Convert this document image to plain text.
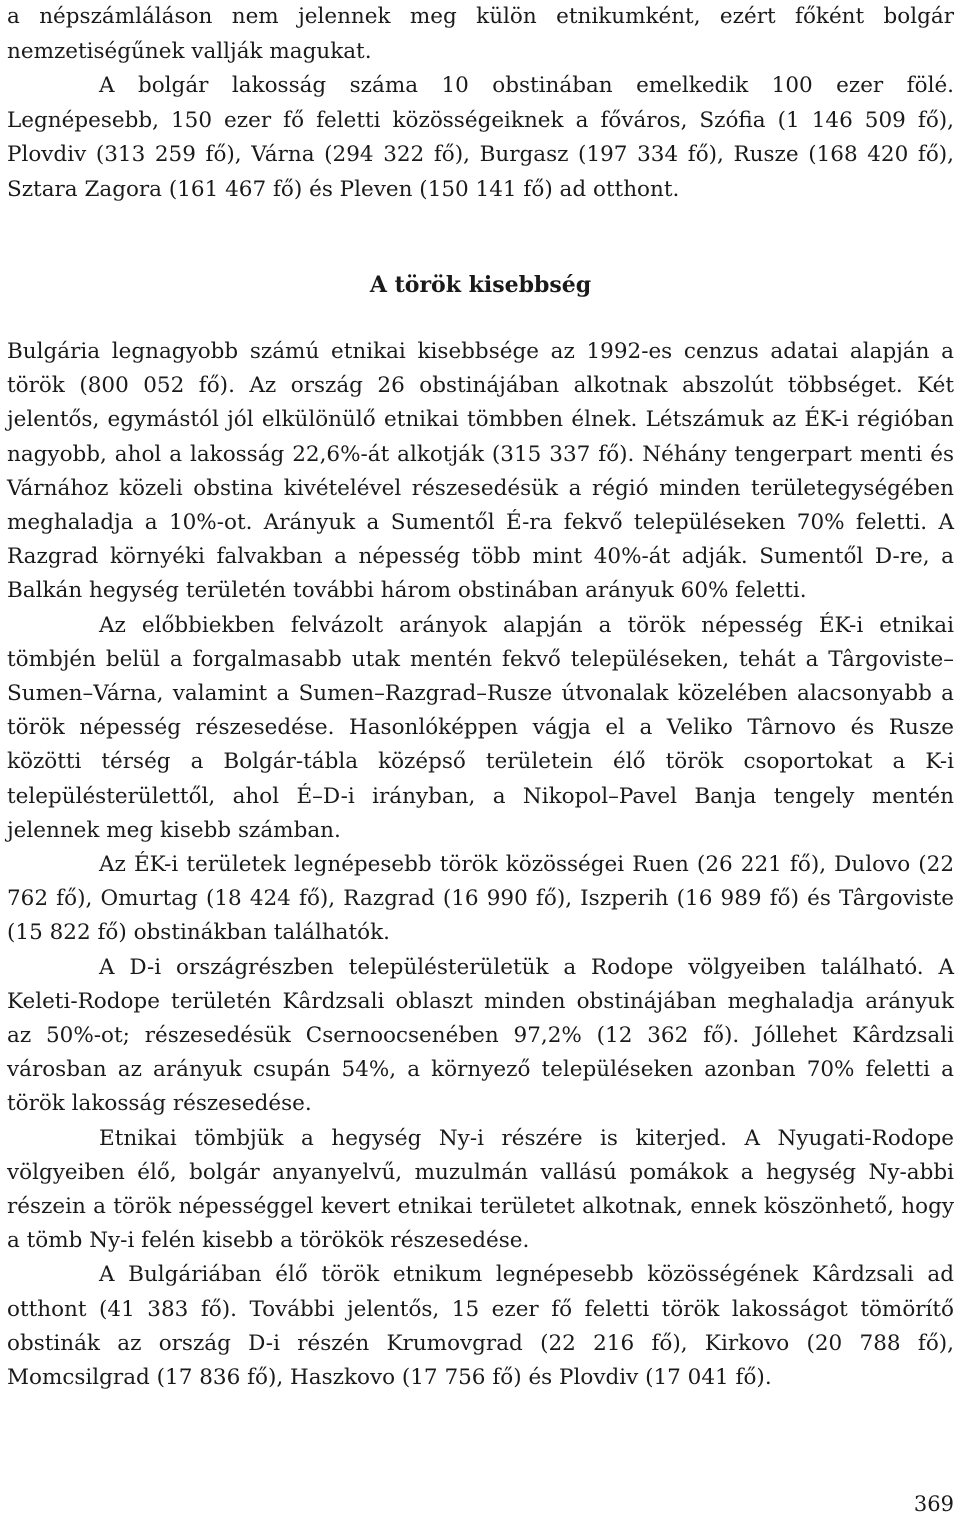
a népszámláláson nem jelennek meg külön etnikumként, ezért főként bolgár nemzetiségűnek vallják magukat.

A bolgár lakosság száma 10 obstinában emelkedik 100 ezer fölé. Legnépesebb, 150 ezer fő feletti közösségeiknek a főváros, Szófia (1 146 509 fő), Plovdiv (313 259 fő), Várna (294 322 fő), Burgasz (197 334 fő), Rusze (168 420 fő), Sztara Zagora (161 467 fő) és Pleven (150 141 fő) ad otthont.

A török kisebbség

Bulgária legnagyobb számú etnikai kisebbsége az 1992-es cenzus adatai alapján a török (800 052 fő). Az ország 26 obstinájában alkotnak abszolút többséget. Két jelentős, egymástól jól elkülönülő etnikai tömbben élnek. Létszámuk az ÉK-i régióban nagyobb, ahol a lakosság 22,6%-át alkotják (315 337 fő). Néhány tengerpart menti és Várnához közeli obstina kivételével részesedésük a régió minden területegységében meghaladja a 10%-ot. Arányuk a Sumentől É-ra fekvő településeken 70% feletti. A Razgrad környéki falvakban a népesség több mint 40%-át adják. Sumentől D-re, a Balkán hegység területén további három obstinában arányuk 60% feletti.

Az előbbiekben felvázolt arányok alapján a török népesség ÉK-i etnikai tömbjén belül a forgalmasabb utak mentén fekvő településeken, tehát a Târgoviste–Sumen–Várna, valamint a Sumen–Razgrad–Rusze útvonalak közelében alacsonyabb a török népesség részesedése. Hasonlóképpen vágja el a Veliko Târnovo és Rusze közötti térség a Bolgár-tábla középső területein élő török csoportokat a K-i településterülettől, ahol É–D-i irányban, a Nikopol–Pavel Banja tengely mentén jelennek meg kisebb számban.

Az ÉK-i területek legnépesebb török közösségei Ruen (26 221 fő), Dulovo (22 762 fő), Omurtag (18 424 fő), Razgrad (16 990 fő), Iszperih (16 989 fő) és Târgoviste (15 822 fő) obstinákban találhatók.

A D-i országrészben településterületük a Rodope völgyeiben található. A Keleti-Rodope területén Kârdzsali oblaszt minden obstinájában meghaladja arányuk az 50%-ot; részesedésük Csernoocsenében 97,2% (12 362 fő). Jóllehet Kârdzsali városban az arányuk csupán 54%, a környező településeken azonban 70% feletti a török lakosság részesedése.

Etnikai tömbjük a hegység Ny-i részére is kiterjed. A Nyugati-Rodope völgyeiben élő, bolgár anyanyelvű, muzulmán vallású pomákok a hegység Ny-abbi részein a török népességgel kevert etnikai területet alkotnak, ennek köszönhető, hogy a tömb Ny-i felén kisebb a törökök részesedése.

A Bulgáriában élő török etnikum legnépesebb közösségének Kârdzsali ad otthont (41 383 fő). További jelentős, 15 ezer fő feletti török lakosságot tömörítő obstinák az ország D-i részén Krumovgrad (22 216 fő), Kirkovo (20 788 fő), Momcsilgrad (17 836 fő), Haszkovo (17 756 fő) és Plovdiv (17 041 fő).

369
